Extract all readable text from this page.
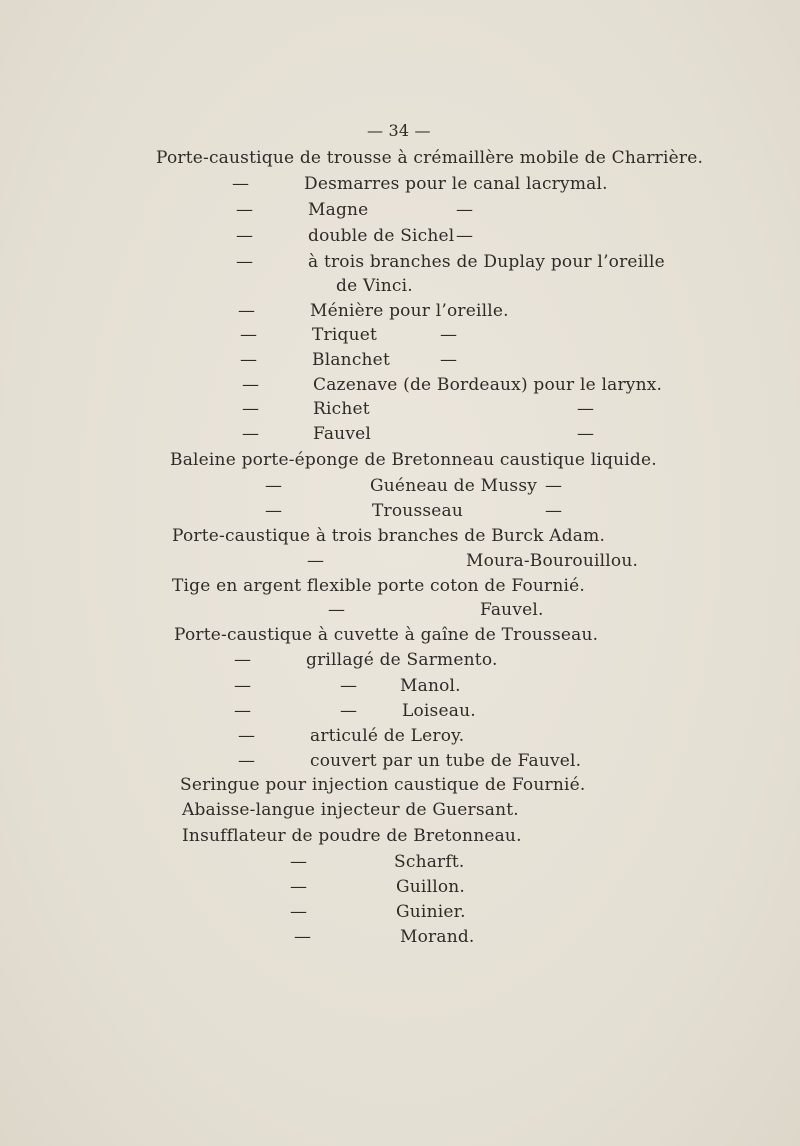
— 34 —
Porte-caustique de trousse à crémaillère mobile de Charrière.
—	Desmarres pour le canal lacrymal.
—	Magne	—
—	double de Sichel —
—	à trois branches de Duplay pour l’oreille
de Vinci.
—	Ménière pour l’oreille.
—	Triquet	—
—	Blanchet	—
—	Cazenave (de Bordeaux) pour le larynx.
—	Richet	—
—	Fauvel	—
Baleine porte-éponge de Bretonneau caustique liquide.
—	Guéneau de Mussy —
—	Trousseau	—
Porte-caustique à trois branches de Burck Adam.
—	Moura-Bourouillou.
Tige en argent flexible porte coton de Fournié.
—	Fauvel.
Porte-caustique à cuvette à gaîne de Trousseau.
—	grillagé de Sarmento.
—	—	Manol.
—	—	Loiseau.
—	articulé de Leroy.
—	couvert par un tube de Fauvel.
Seringue pour injection caustique de Fournié.
Abaisse-langue injecteur de Guersant.
Insufflateur de poudre de Bretonneau.
—	Scharft.
—	Guillon.
—	Guinier.
—	Morand.
